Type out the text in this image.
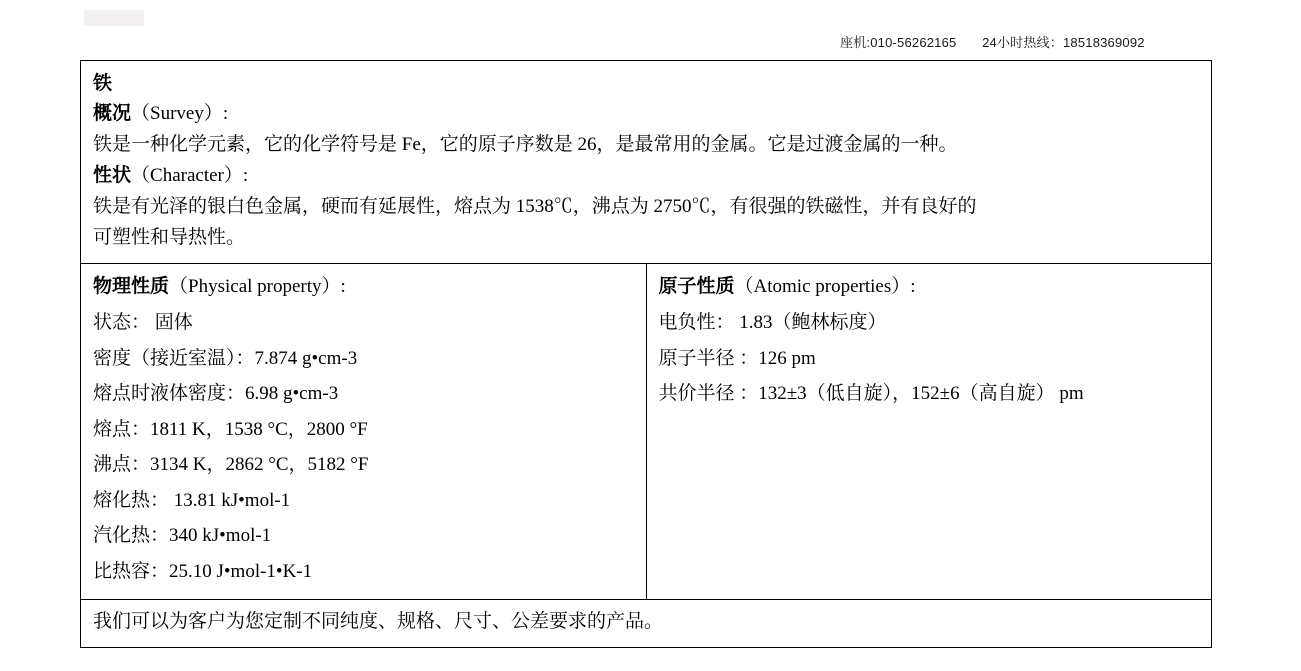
座机:010-56262165 24小时热线：18518369092

铁

概况（Survey）:

铁是一种化学元素，它的化学符号是 Fe，它的原子序数是 26，是最常用的金属。它是过渡金属的一种。

性状（Character）:

铁是有光泽的银白色金属，硬而有延展性，熔点为 1538℃，沸点为 2750℃，有很强的铁磁性，并有良好的

可塑性和导热性。

物理性质（Physical property）:

状态： 固体

密度（接近室温）：7.874 g•cm-3

熔点时液体密度：6.98 g•cm-3

熔点：1811 K，1538 °C，2800 °F

沸点：3134 K，2862 °C，5182 °F

熔化热： 13.81 kJ•mol-1

汽化热：340 kJ•mol-1

比热容：25.10 J•mol-1•K-1

原子性质（Atomic properties）:

电负性： 1.83（鲍林标度）

原子半径 ：126 pm

共价半径 ：132±3（低自旋），152±6（高自旋） pm

我们可以为客户为您定制不同纯度、规格、尺寸、公差要求的产品。
